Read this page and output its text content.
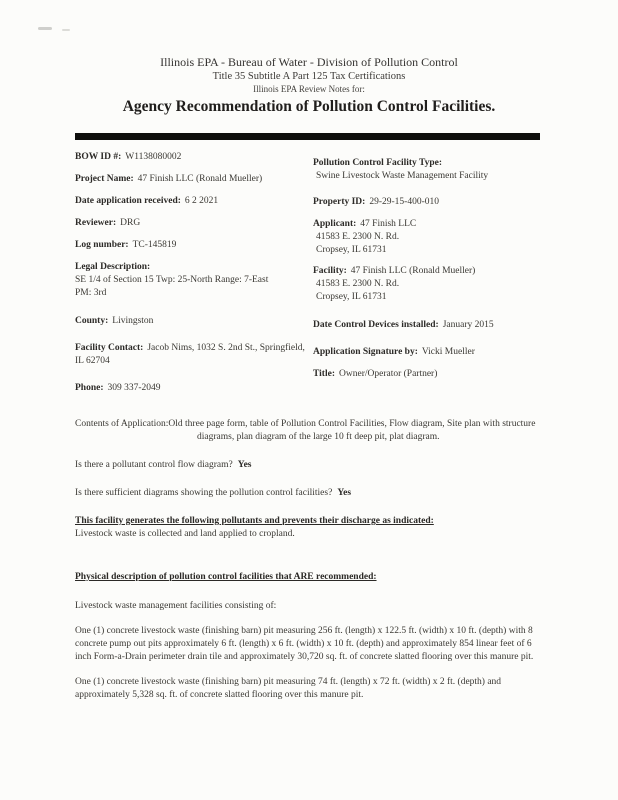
Illinois EPA - Bureau of Water - Division of Pollution Control
Title 35 Subtitle A Part 125 Tax Certifications
Illinois EPA Review Notes for:
Agency Recommendation of Pollution Control Facilities.

BOW ID #: W1138080002

Project Name: 47 Finish LLC (Ronald Mueller)

Date application received: 6 2 2021

Reviewer: DRG

Log number: TC-145819

Legal Description:
SE 1/4 of Section 15 Twp: 25-North Range: 7-East
PM: 3rd

County: Livingston

Facility Contact: Jacob Nims, 1032 S. 2nd St., Springfield, IL 62704

Phone: 309 337-2049

Pollution Control Facility Type:
Swine Livestock Waste Management Facility

Property ID: 29-29-15-400-010

Applicant: 47 Finish LLC
41583 E. 2300 N. Rd.
Cropsey, IL 61731
Facility: 47 Finish LLC (Ronald Mueller)
41583 E. 2300 N. Rd.
Cropsey, IL 61731

Date Control Devices installed: January 2015

Application Signature by: Vicki Mueller

Title: Owner/Operator (Partner)

Contents of Application:Old three page form, table of Pollution Control Facilities, Flow diagram, Site plan with structure diagrams, plan diagram of the large 10 ft deep pit, plat diagram.

Is there a pollutant control flow diagram? Yes

Is there sufficient diagrams showing the pollution control facilities? Yes

This facility generates the following pollutants and prevents their discharge as indicated:

Livestock waste is collected and land applied to cropland.

Physical description of pollution control facilities that ARE recommended:

Livestock waste management facilities consisting of:

One (1) concrete livestock waste (finishing barn) pit measuring 256 ft. (length) x 122.5 ft. (width) x 10 ft. (depth) with 8 concrete pump out pits approximately 6 ft. (length) x 6 ft. (width) x 10 ft. (depth) and approximately 854 linear feet of 6 inch Form-a-Drain perimeter drain tile and approximately 30,720 sq. ft. of concrete slatted flooring over this manure pit.

One (1) concrete livestock waste (finishing barn) pit measuring 74 ft. (length) x 72 ft. (width) x 2 ft. (depth) and approximately 5,328 sq. ft. of concrete slatted flooring over this manure pit.
